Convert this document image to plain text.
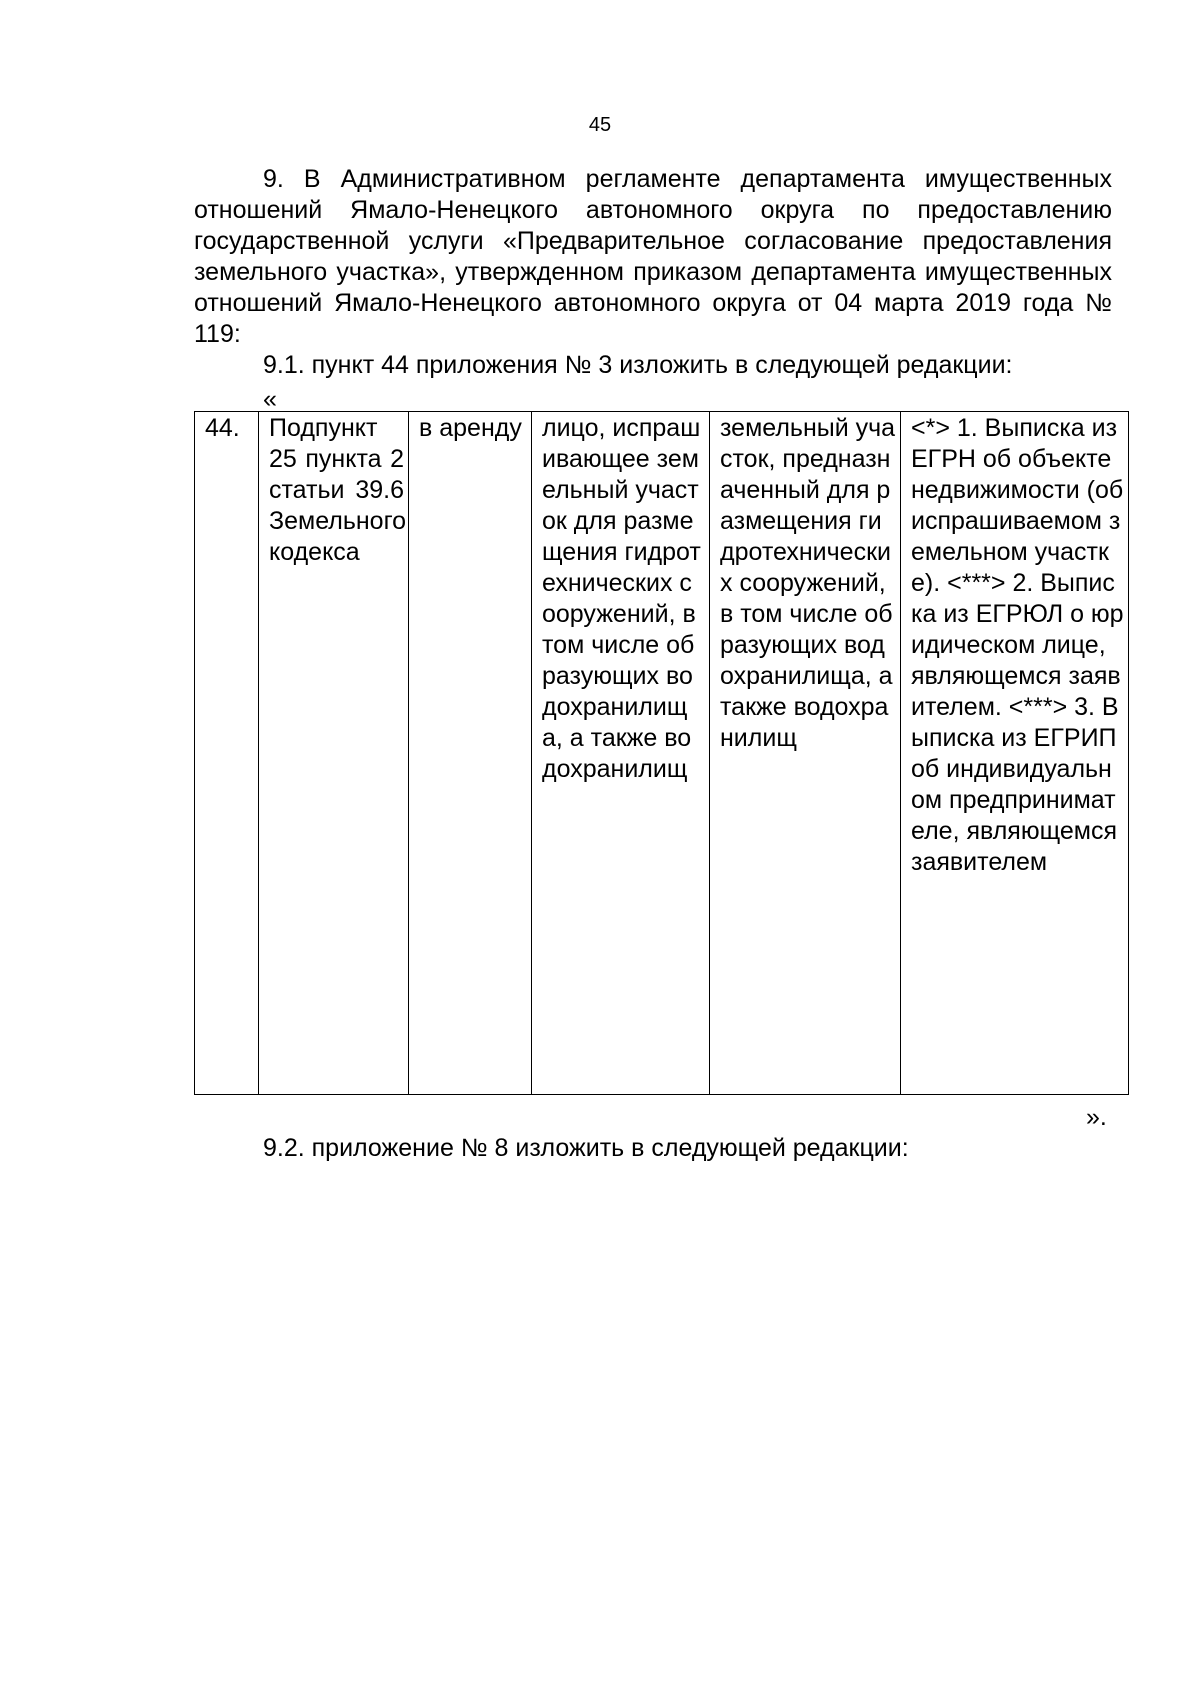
45

9. В Административном регламенте департамента имущественных отношений Ямало-Ненецкого автономного округа по предоставлению государственной услуги «Предварительное согласование предоставления земельного участка», утвержденном приказом департамента имущественных отношений Ямало-Ненецкого автономного округа от 04 марта 2019 года № 119:

9.1. пункт 44 приложения № 3 изложить в следующей редакции:

«
44.	Подпункт 25 пункта 2 статьи 39.6 Земельного кодекса	в аренду	лицо, испрашивающее земельный участок для размещения гидротехнических сооружений, в том числе образующих водохранилища, а также водохранилищ	земельный участок, предназначенный для размещения гидротехнических сооружений, в том числе образующих водохранилища, а также водохранилищ	<*> 1. Выписка из ЕГРН об объекте недвижимости (об испрашиваемом земельном участке). <***> 2. Выписка из ЕГРЮЛ о юридическом лице, являющемся заявителем. <***> 3. Выписка из ЕГРИП об индивидуальном предпринимателе, являющемся заявителем
».

9.2. приложение № 8 изложить в следующей редакции:
